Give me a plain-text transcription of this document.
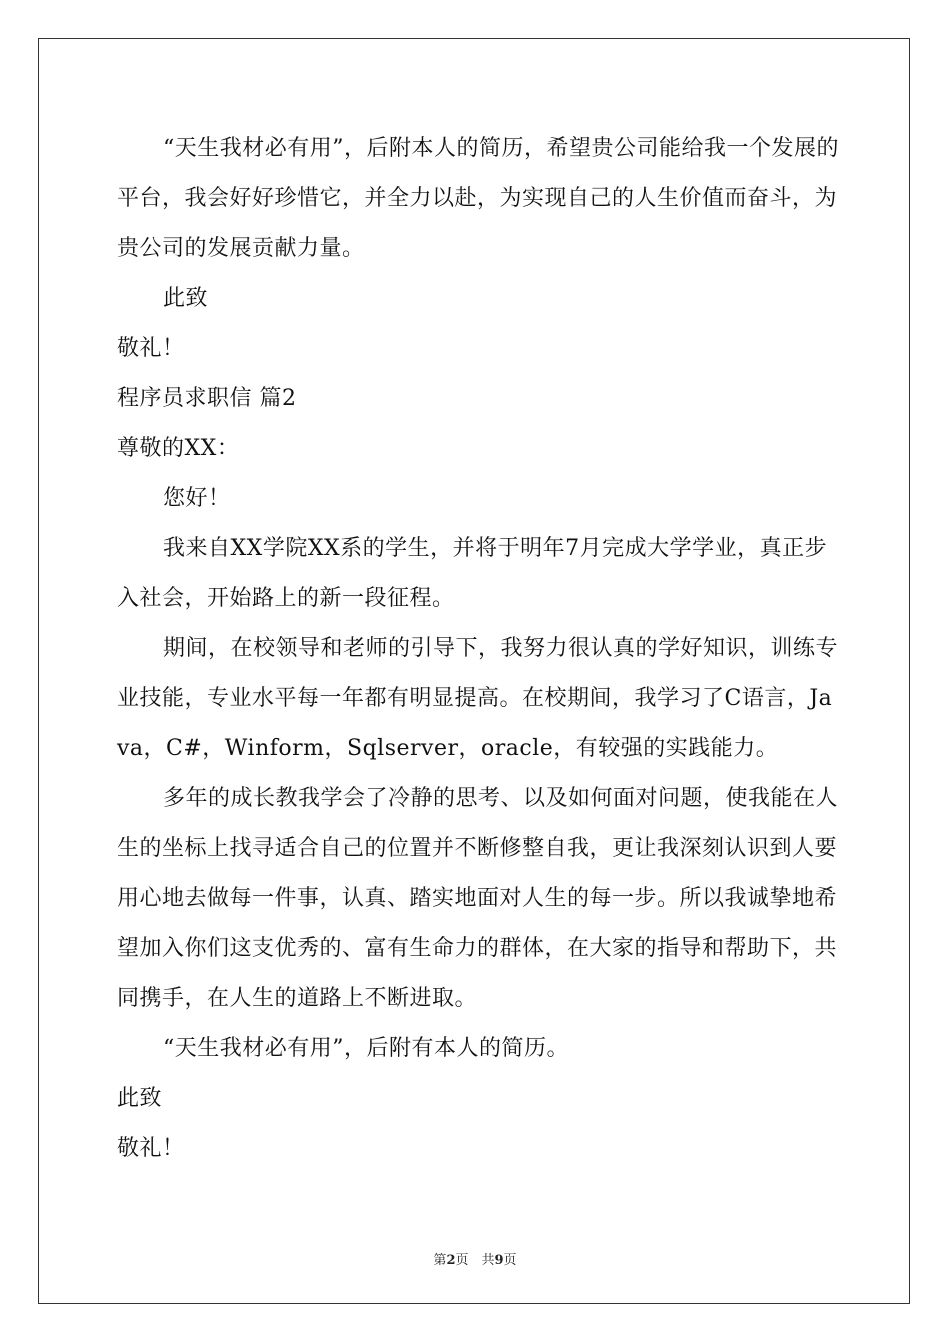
“天生我材必有用”，后附本人的简历，希望贵公司能给我一个发展的平台，我会好好珍惜它，并全力以赴，为实现自己的人生价值而奋斗，为贵公司的发展贡献力量。

此致

敬礼！

程序员求职信 篇2

尊敬的XX：

您好！

我来自XX学院XX系的学生，并将于明年7月完成大学学业，真正步入社会，开始路上的新一段征程。

期间，在校领导和老师的引导下，我努力很认真的学好知识，训练专业技能，专业水平每一年都有明显提高。在校期间，我学习了C语言，Java，C#，Winform，Sqlserver，oracle，有较强的实践能力。

多年的成长教我学会了冷静的思考、以及如何面对问题，使我能在人生的坐标上找寻适合自己的位置并不断修整自我，更让我深刻认识到人要用心地去做每一件事，认真、踏实地面对人生的每一步。所以我诚挚地希望加入你们这支优秀的、富有生命力的群体，在大家的指导和帮助下，共同携手，在人生的道路上不断进取。

“天生我材必有用”，后附有本人的简历。

此致

敬礼！

第2页　共9页
